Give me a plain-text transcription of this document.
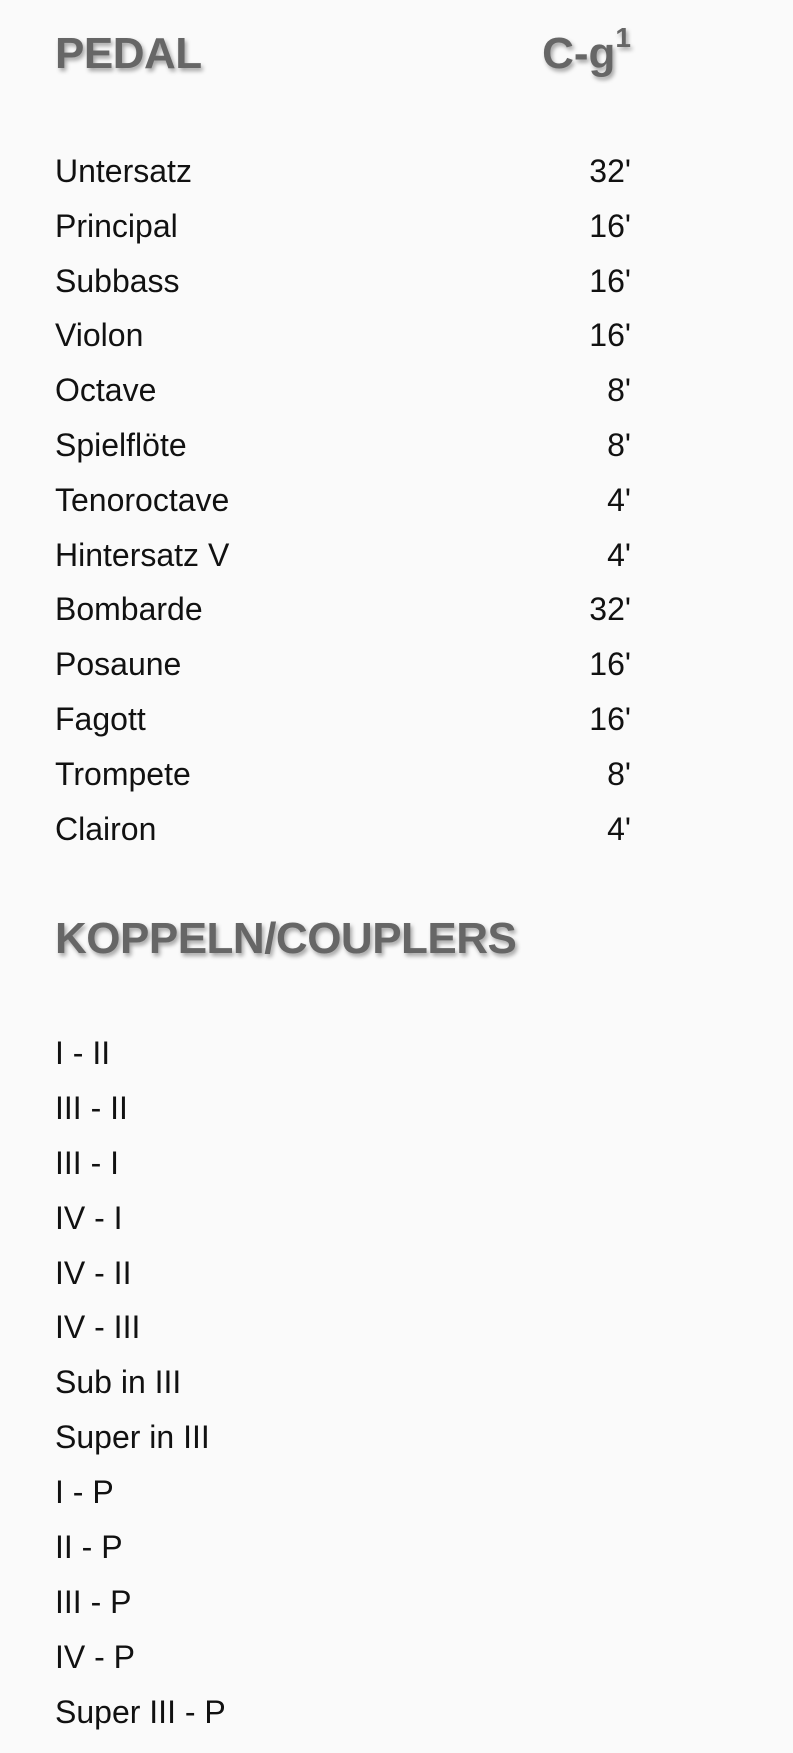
PEDAL	$C-g^1$
Untersatz	32'
Principal	16'
Subbass	16'
Violon	16'
Octave	8'
Spielflöte	8'
Tenoroctave	4'
Hintersatz V	4'
Bombarde	32'
Posaune	16'
Fagott	16'
Trompete	8'
Clairon	4'
KOPPELN/COUPLERS
I - II
III - II
III - I
IV - I
IV - II
IV - III
Sub in III
Super in III
I - P
II - P
III - P
IV - P
Super III - P
